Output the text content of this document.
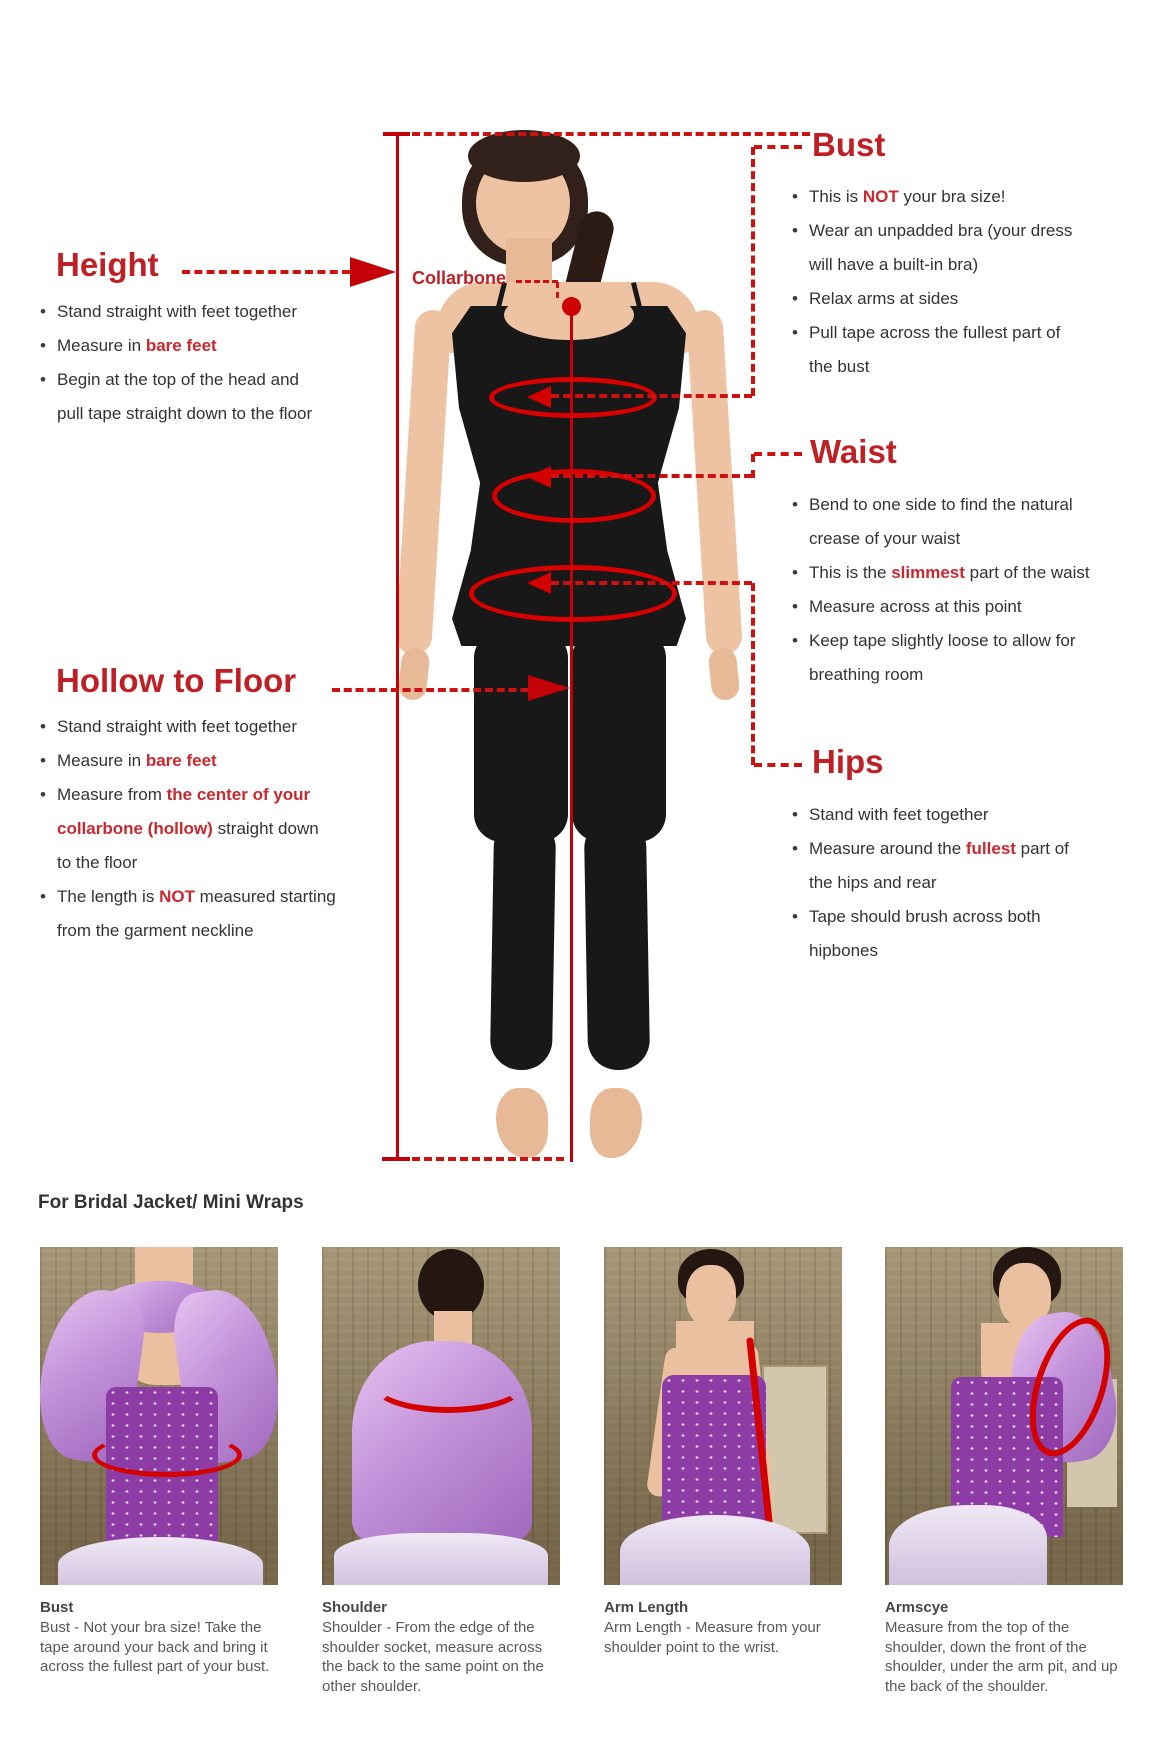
Collarbone
Height
• Stand straight with feet together
• Measure in bare feet
• Begin at the top of the head and
pull tape straight down to the floor
Hollow to Floor
• Stand straight with feet together
• Measure in bare feet
• Measure from the center of your
collarbone (hollow) straight down
to the floor
• The length is NOT measured starting
from the garment neckline
Bust
• This is NOT your bra size!
• Wear an unpadded bra (your dress
will have a built-in bra)
• Relax arms at sides
• Pull tape across the fullest part of
the bust
Waist
• Bend to one side to find the natural
crease of your waist
• This is the slimmest part of the waist
• Measure across at this point
• Keep tape slightly loose to allow for
breathing room
Hips
• Stand with feet together
• Measure around the fullest part of
the hips and rear
• Tape should brush across both
hipbones
For Bridal Jacket/ Mini Wraps
Bust
Bust - Not your bra size! Take the tape around your back and bring it across the fullest part of your bust.
Shoulder
Shoulder - From the edge of the shoulder socket, measure across the back to the same point on the other shoulder.
Arm Length
Arm Length - Measure from your shoulder point to the wrist.
Armscye
Measure from the top of the shoulder, down the front of the shoulder, under the arm pit, and up the back of the shoulder.
